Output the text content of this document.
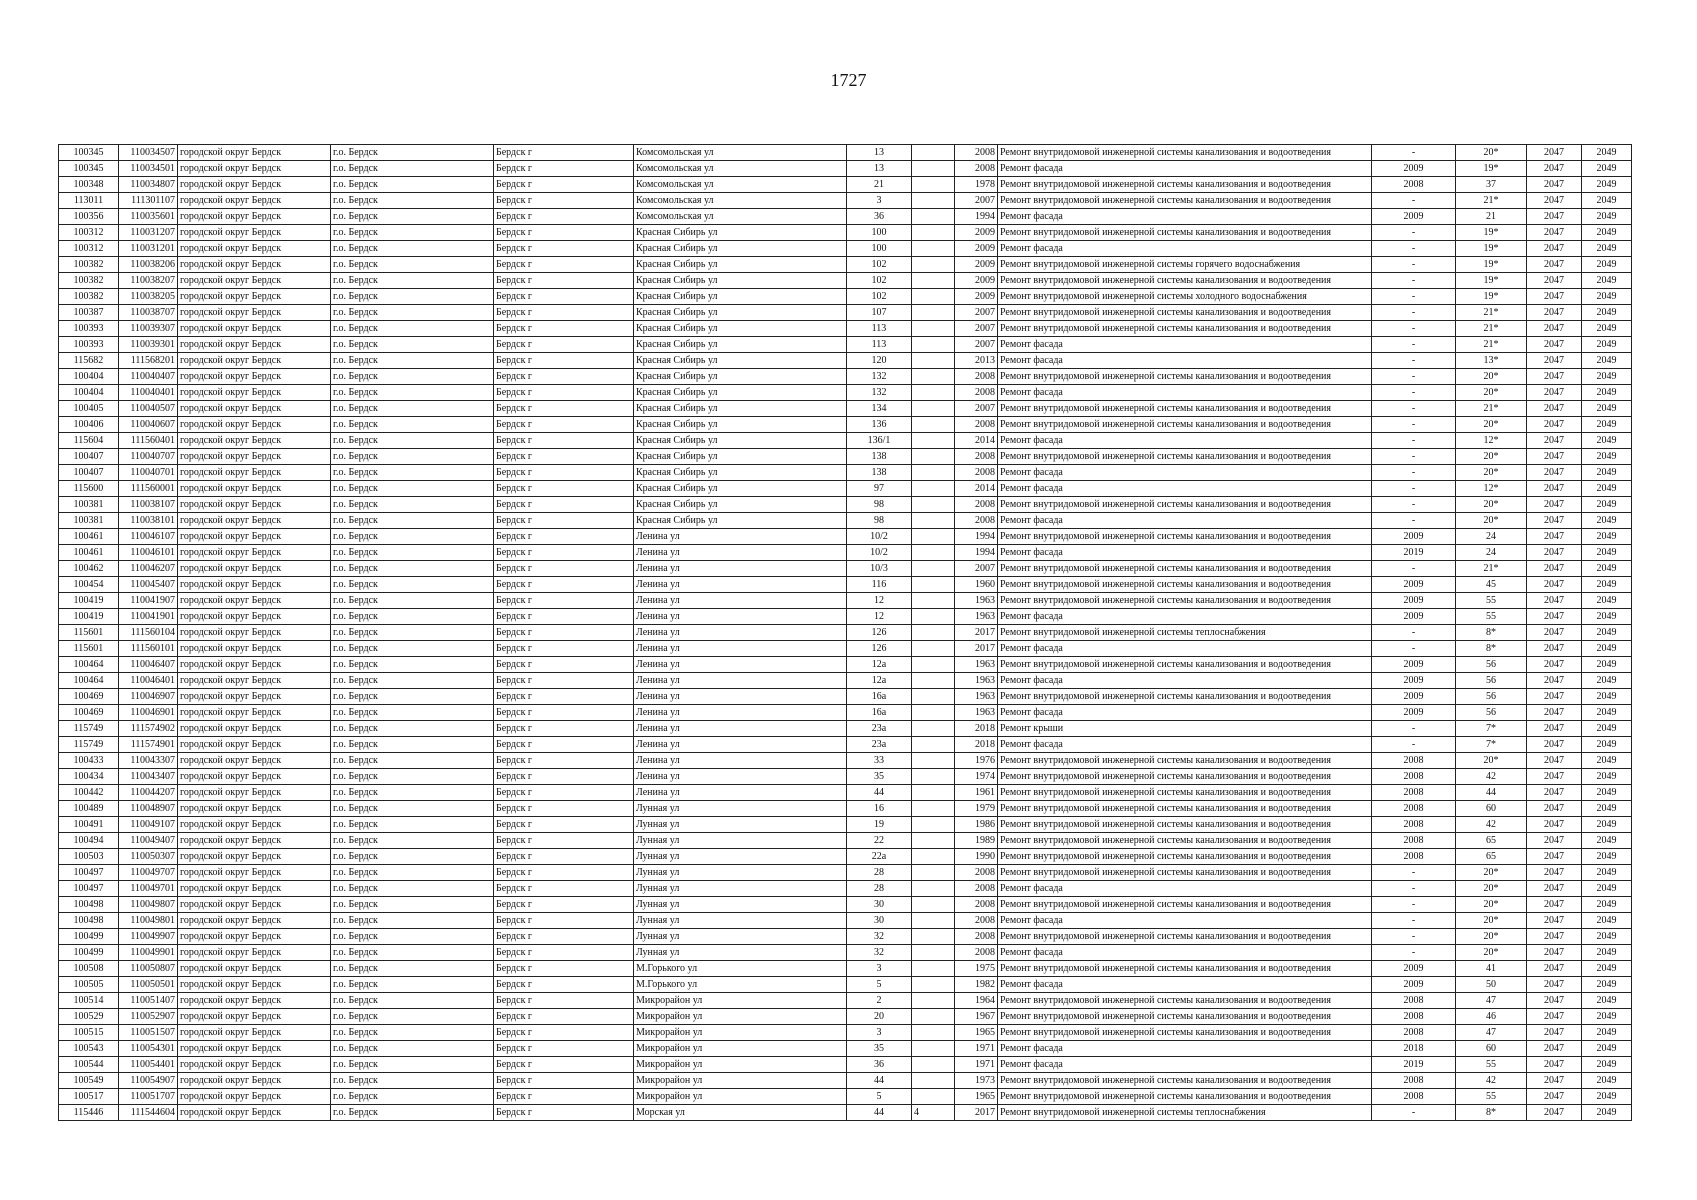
1727
100345	110034507	городской округ Бердск	г.о. Бердск	Бердск г	Комсомольская ул	13		2008	Ремонт внутридомовой инженерной системы канализования и водоотведения	-	20*	2047	2049
100345	110034501	городской округ Бердск	г.о. Бердск	Бердск г	Комсомольская ул	13		2008	Ремонт фасада	2009	19*	2047	2049
100348	110034807	городской округ Бердск	г.о. Бердск	Бердск г	Комсомольская ул	21		1978	Ремонт внутридомовой инженерной системы канализования и водоотведения	2008	37	2047	2049
113011	111301107	городской округ Бердск	г.о. Бердск	Бердск г	Комсомольская ул	3		2007	Ремонт внутридомовой инженерной системы канализования и водоотведения	-	21*	2047	2049
100356	110035601	городской округ Бердск	г.о. Бердск	Бердск г	Комсомольская ул	36		1994	Ремонт фасада	2009	21	2047	2049
100312	110031207	городской округ Бердск	г.о. Бердск	Бердск г	Красная Сибирь ул	100		2009	Ремонт внутридомовой инженерной системы канализования и водоотведения	-	19*	2047	2049
100312	110031201	городской округ Бердск	г.о. Бердск	Бердск г	Красная Сибирь ул	100		2009	Ремонт фасада	-	19*	2047	2049
100382	110038206	городской округ Бердск	г.о. Бердск	Бердск г	Красная Сибирь ул	102		2009	Ремонт внутридомовой инженерной системы горячего водоснабжения	-	19*	2047	2049
100382	110038207	городской округ Бердск	г.о. Бердск	Бердск г	Красная Сибирь ул	102		2009	Ремонт внутридомовой инженерной системы канализования и водоотведения	-	19*	2047	2049
100382	110038205	городской округ Бердск	г.о. Бердск	Бердск г	Красная Сибирь ул	102		2009	Ремонт внутридомовой инженерной системы холодного водоснабжения	-	19*	2047	2049
100387	110038707	городской округ Бердск	г.о. Бердск	Бердск г	Красная Сибирь ул	107		2007	Ремонт внутридомовой инженерной системы канализования и водоотведения	-	21*	2047	2049
100393	110039307	городской округ Бердск	г.о. Бердск	Бердск г	Красная Сибирь ул	113		2007	Ремонт внутридомовой инженерной системы канализования и водоотведения	-	21*	2047	2049
100393	110039301	городской округ Бердск	г.о. Бердск	Бердск г	Красная Сибирь ул	113		2007	Ремонт фасада	-	21*	2047	2049
115682	111568201	городской округ Бердск	г.о. Бердск	Бердск г	Красная Сибирь ул	120		2013	Ремонт фасада	-	13*	2047	2049
100404	110040407	городской округ Бердск	г.о. Бердск	Бердск г	Красная Сибирь ул	132		2008	Ремонт внутридомовой инженерной системы канализования и водоотведения	-	20*	2047	2049
100404	110040401	городской округ Бердск	г.о. Бердск	Бердск г	Красная Сибирь ул	132		2008	Ремонт фасада	-	20*	2047	2049
100405	110040507	городской округ Бердск	г.о. Бердск	Бердск г	Красная Сибирь ул	134		2007	Ремонт внутридомовой инженерной системы канализования и водоотведения	-	21*	2047	2049
100406	110040607	городской округ Бердск	г.о. Бердск	Бердск г	Красная Сибирь ул	136		2008	Ремонт внутридомовой инженерной системы канализования и водоотведения	-	20*	2047	2049
115604	111560401	городской округ Бердск	г.о. Бердск	Бердск г	Красная Сибирь ул	136/1		2014	Ремонт фасада	-	12*	2047	2049
100407	110040707	городской округ Бердск	г.о. Бердск	Бердск г	Красная Сибирь ул	138		2008	Ремонт внутридомовой инженерной системы канализования и водоотведения	-	20*	2047	2049
100407	110040701	городской округ Бердск	г.о. Бердск	Бердск г	Красная Сибирь ул	138		2008	Ремонт фасада	-	20*	2047	2049
115600	111560001	городской округ Бердск	г.о. Бердск	Бердск г	Красная Сибирь ул	97		2014	Ремонт фасада	-	12*	2047	2049
100381	110038107	городской округ Бердск	г.о. Бердск	Бердск г	Красная Сибирь ул	98		2008	Ремонт внутридомовой инженерной системы канализования и водоотведения	-	20*	2047	2049
100381	110038101	городской округ Бердск	г.о. Бердск	Бердск г	Красная Сибирь ул	98		2008	Ремонт фасада	-	20*	2047	2049
100461	110046107	городской округ Бердск	г.о. Бердск	Бердск г	Ленина ул	10/2		1994	Ремонт внутридомовой инженерной системы канализования и водоотведения	2009	24	2047	2049
100461	110046101	городской округ Бердск	г.о. Бердск	Бердск г	Ленина ул	10/2		1994	Ремонт фасада	2019	24	2047	2049
100462	110046207	городской округ Бердск	г.о. Бердск	Бердск г	Ленина ул	10/3		2007	Ремонт внутридомовой инженерной системы канализования и водоотведения	-	21*	2047	2049
100454	110045407	городской округ Бердск	г.о. Бердск	Бердск г	Ленина ул	116		1960	Ремонт внутридомовой инженерной системы канализования и водоотведения	2009	45	2047	2049
100419	110041907	городской округ Бердск	г.о. Бердск	Бердск г	Ленина ул	12		1963	Ремонт внутридомовой инженерной системы канализования и водоотведения	2009	55	2047	2049
100419	110041901	городской округ Бердск	г.о. Бердск	Бердск г	Ленина ул	12		1963	Ремонт фасада	2009	55	2047	2049
115601	111560104	городской округ Бердск	г.о. Бердск	Бердск г	Ленина ул	126		2017	Ремонт внутридомовой инженерной системы теплоснабжения	-	8*	2047	2049
115601	111560101	городской округ Бердск	г.о. Бердск	Бердск г	Ленина ул	126		2017	Ремонт фасада	-	8*	2047	2049
100464	110046407	городской округ Бердск	г.о. Бердск	Бердск г	Ленина ул	12а		1963	Ремонт внутридомовой инженерной системы канализования и водоотведения	2009	56	2047	2049
100464	110046401	городской округ Бердск	г.о. Бердск	Бердск г	Ленина ул	12а		1963	Ремонт фасада	2009	56	2047	2049
100469	110046907	городской округ Бердск	г.о. Бердск	Бердск г	Ленина ул	16а		1963	Ремонт внутридомовой инженерной системы канализования и водоотведения	2009	56	2047	2049
100469	110046901	городской округ Бердск	г.о. Бердск	Бердск г	Ленина ул	16а		1963	Ремонт фасада	2009	56	2047	2049
115749	111574902	городской округ Бердск	г.о. Бердск	Бердск г	Ленина ул	23а		2018	Ремонт крыши	-	7*	2047	2049
115749	111574901	городской округ Бердск	г.о. Бердск	Бердск г	Ленина ул	23а		2018	Ремонт фасада	-	7*	2047	2049
100433	110043307	городской округ Бердск	г.о. Бердск	Бердск г	Ленина ул	33		1976	Ремонт внутридомовой инженерной системы канализования и водоотведения	2008	20*	2047	2049
100434	110043407	городской округ Бердск	г.о. Бердск	Бердск г	Ленина ул	35		1974	Ремонт внутридомовой инженерной системы канализования и водоотведения	2008	42	2047	2049
100442	110044207	городской округ Бердск	г.о. Бердск	Бердск г	Ленина ул	44		1961	Ремонт внутридомовой инженерной системы канализования и водоотведения	2008	44	2047	2049
100489	110048907	городской округ Бердск	г.о. Бердск	Бердск г	Лунная ул	16		1979	Ремонт внутридомовой инженерной системы канализования и водоотведения	2008	60	2047	2049
100491	110049107	городской округ Бердск	г.о. Бердск	Бердск г	Лунная ул	19		1986	Ремонт внутридомовой инженерной системы канализования и водоотведения	2008	42	2047	2049
100494	110049407	городской округ Бердск	г.о. Бердск	Бердск г	Лунная ул	22		1989	Ремонт внутридомовой инженерной системы канализования и водоотведения	2008	65	2047	2049
100503	110050307	городской округ Бердск	г.о. Бердск	Бердск г	Лунная ул	22а		1990	Ремонт внутридомовой инженерной системы канализования и водоотведения	2008	65	2047	2049
100497	110049707	городской округ Бердск	г.о. Бердск	Бердск г	Лунная ул	28		2008	Ремонт внутридомовой инженерной системы канализования и водоотведения	-	20*	2047	2049
100497	110049701	городской округ Бердск	г.о. Бердск	Бердск г	Лунная ул	28		2008	Ремонт фасада	-	20*	2047	2049
100498	110049807	городской округ Бердск	г.о. Бердск	Бердск г	Лунная ул	30		2008	Ремонт внутридомовой инженерной системы канализования и водоотведения	-	20*	2047	2049
100498	110049801	городской округ Бердск	г.о. Бердск	Бердск г	Лунная ул	30		2008	Ремонт фасада	-	20*	2047	2049
100499	110049907	городской округ Бердск	г.о. Бердск	Бердск г	Лунная ул	32		2008	Ремонт внутридомовой инженерной системы канализования и водоотведения	-	20*	2047	2049
100499	110049901	городской округ Бердск	г.о. Бердск	Бердск г	Лунная ул	32		2008	Ремонт фасада	-	20*	2047	2049
100508	110050807	городской округ Бердск	г.о. Бердск	Бердск г	М.Горького ул	3		1975	Ремонт внутридомовой инженерной системы канализования и водоотведения	2009	41	2047	2049
100505	110050501	городской округ Бердск	г.о. Бердск	Бердск г	М.Горького ул	5		1982	Ремонт фасада	2009	50	2047	2049
100514	110051407	городской округ Бердск	г.о. Бердск	Бердск г	Микрорайон ул	2		1964	Ремонт внутридомовой инженерной системы канализования и водоотведения	2008	47	2047	2049
100529	110052907	городской округ Бердск	г.о. Бердск	Бердск г	Микрорайон ул	20		1967	Ремонт внутридомовой инженерной системы канализования и водоотведения	2008	46	2047	2049
100515	110051507	городской округ Бердск	г.о. Бердск	Бердск г	Микрорайон ул	3		1965	Ремонт внутридомовой инженерной системы канализования и водоотведения	2008	47	2047	2049
100543	110054301	городской округ Бердск	г.о. Бердск	Бердск г	Микрорайон ул	35		1971	Ремонт фасада	2018	60	2047	2049
100544	110054401	городской округ Бердск	г.о. Бердск	Бердск г	Микрорайон ул	36		1971	Ремонт фасада	2019	55	2047	2049
100549	110054907	городской округ Бердск	г.о. Бердск	Бердск г	Микрорайон ул	44		1973	Ремонт внутридомовой инженерной системы канализования и водоотведения	2008	42	2047	2049
100517	110051707	городской округ Бердск	г.о. Бердск	Бердск г	Микрорайон ул	5		1965	Ремонт внутридомовой инженерной системы канализования и водоотведения	2008	55	2047	2049
115446	111544604	городской округ Бердск	г.о. Бердск	Бердск г	Морская ул	44	4	2017	Ремонт внутридомовой инженерной системы теплоснабжения	-	8*	2047	2049
